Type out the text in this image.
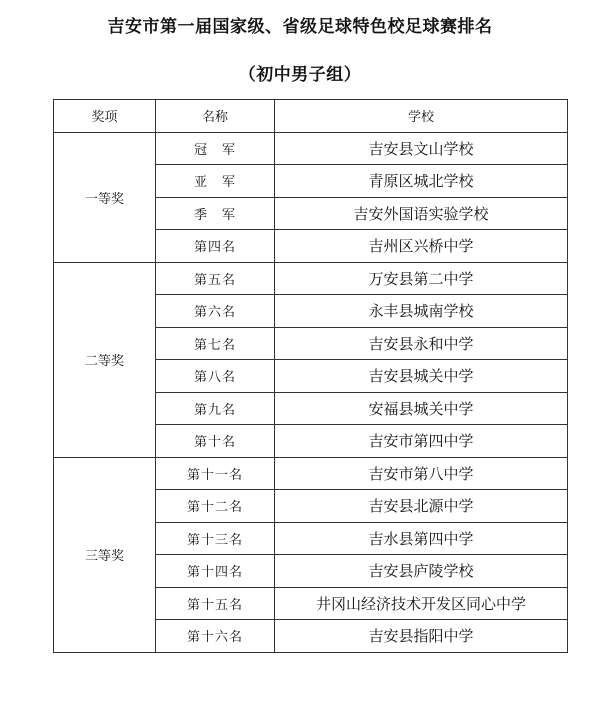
吉安市第一届国家级、省级足球特色校足球赛排名
（初中男子组）
奖项	名称	学校
一等奖	冠　军	吉安县文山学校
	亚　军	青原区城北学校
	季　军	吉安外国语实验学校
	第四名	吉州区兴桥中学
二等奖	第五名	万安县第二中学
	第六名	永丰县城南学校
	第七名	吉安县永和中学
	第八名	吉安县城关中学
	第九名	安福县城关中学
	第十名	吉安市第四中学
三等奖	第十一名	吉安市第八中学
	第十二名	吉安县北源中学
	第十三名	吉水县第四中学
	第十四名	吉安县庐陵学校
	第十五名	井冈山经济技术开发区同心中学
	第十六名	吉安县指阳中学
